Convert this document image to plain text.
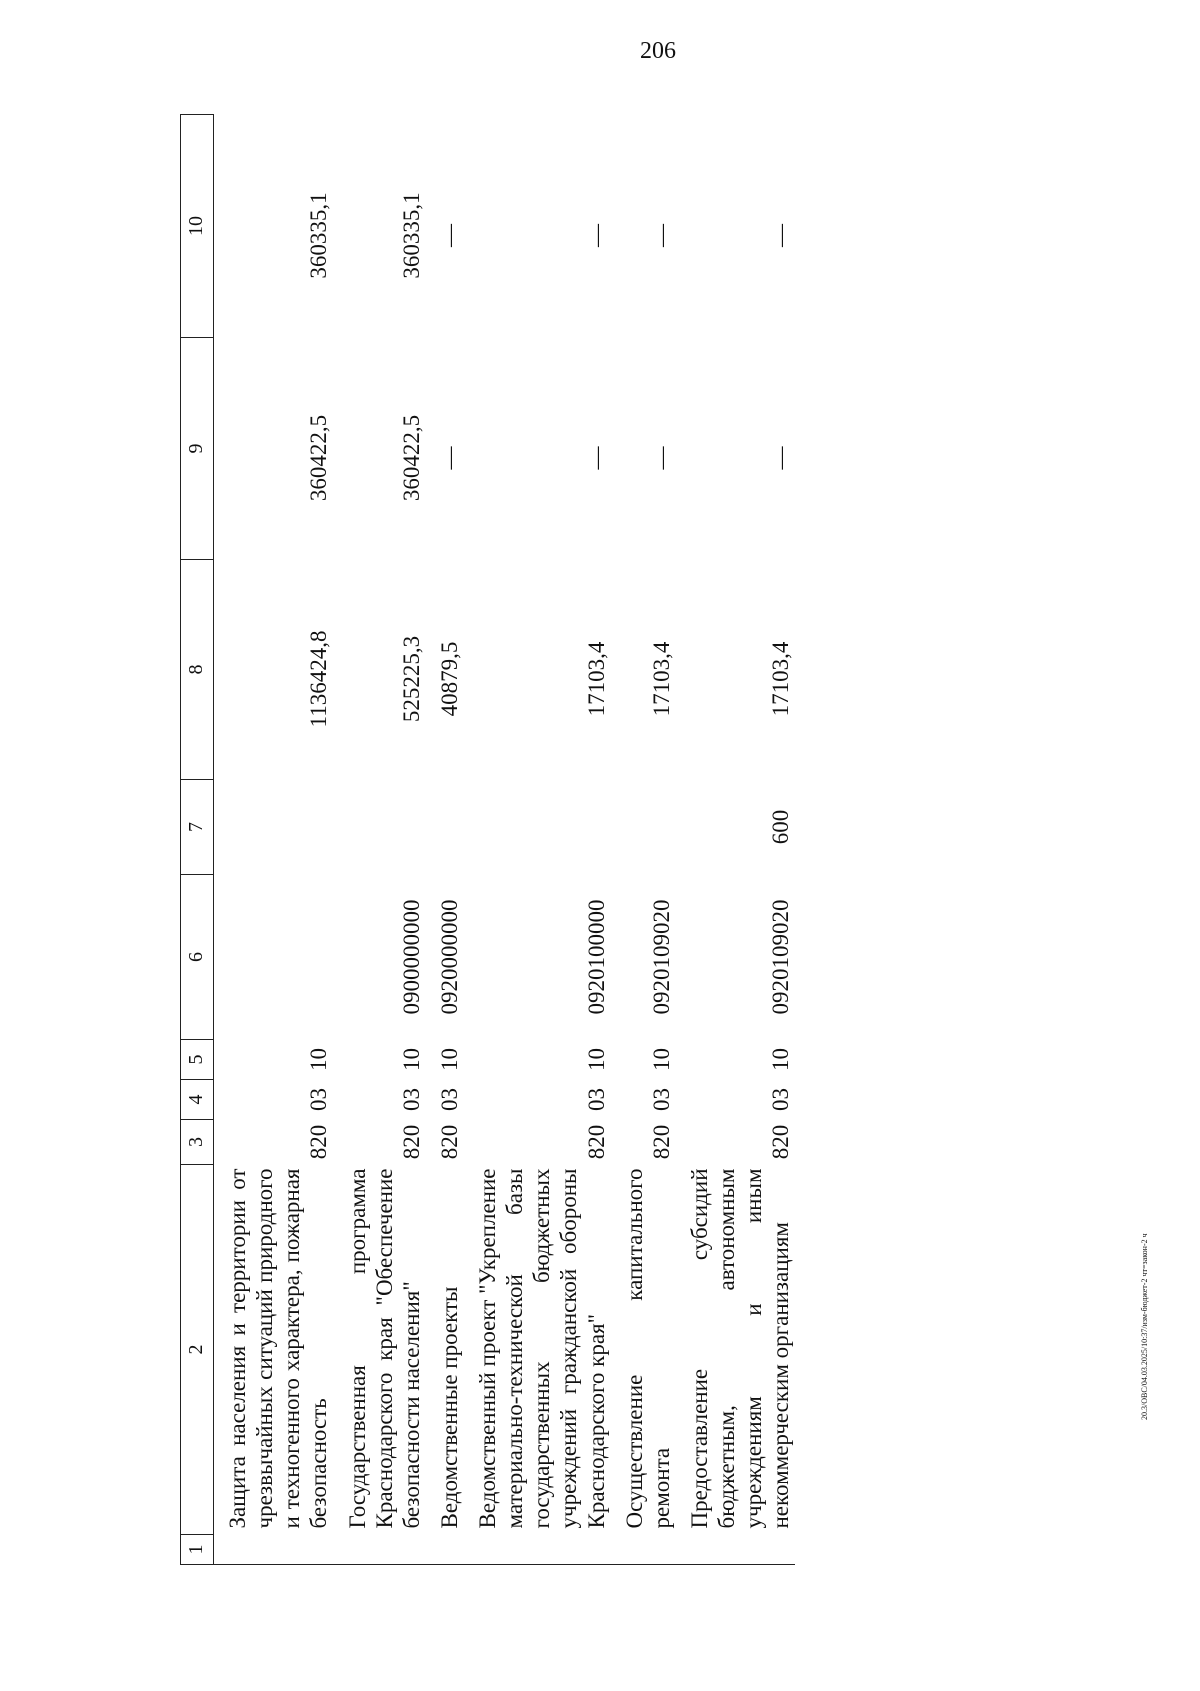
206
20.3/ОВС/04.03.2025/10:37/изм-бюджет-2 чт=закон-2 ч
1	2	3	4	5	6	7	8	9	10
	Защита населения и территории от чрезвычайных ситуаций природного и техногенного характера, пожарная безопасность	820	03	10			1136424,8	360422,5	360335,1
	Государственная программа Краснодарского края "Обеспечение безопасности населения"	820	03	10	0900000000		525225,3	360422,5	360335,1
	Ведомственные проекты	820	03	10	0920000000		40879,5	—	—
	Ведомственный проект "Укрепление материально-технической базы государственных бюджетных учреждений гражданской обороны Краснодарского края"	820	03	10	0920100000		17103,4	—	—
	Осуществление капитального ремонта	820	03	10	0920109020		17103,4	—	—
	Предоставление субсидий бюджетным, автономным учреждениям и иным некоммерческим организациям	820	03	10	0920109020	600	17103,4	—	—
